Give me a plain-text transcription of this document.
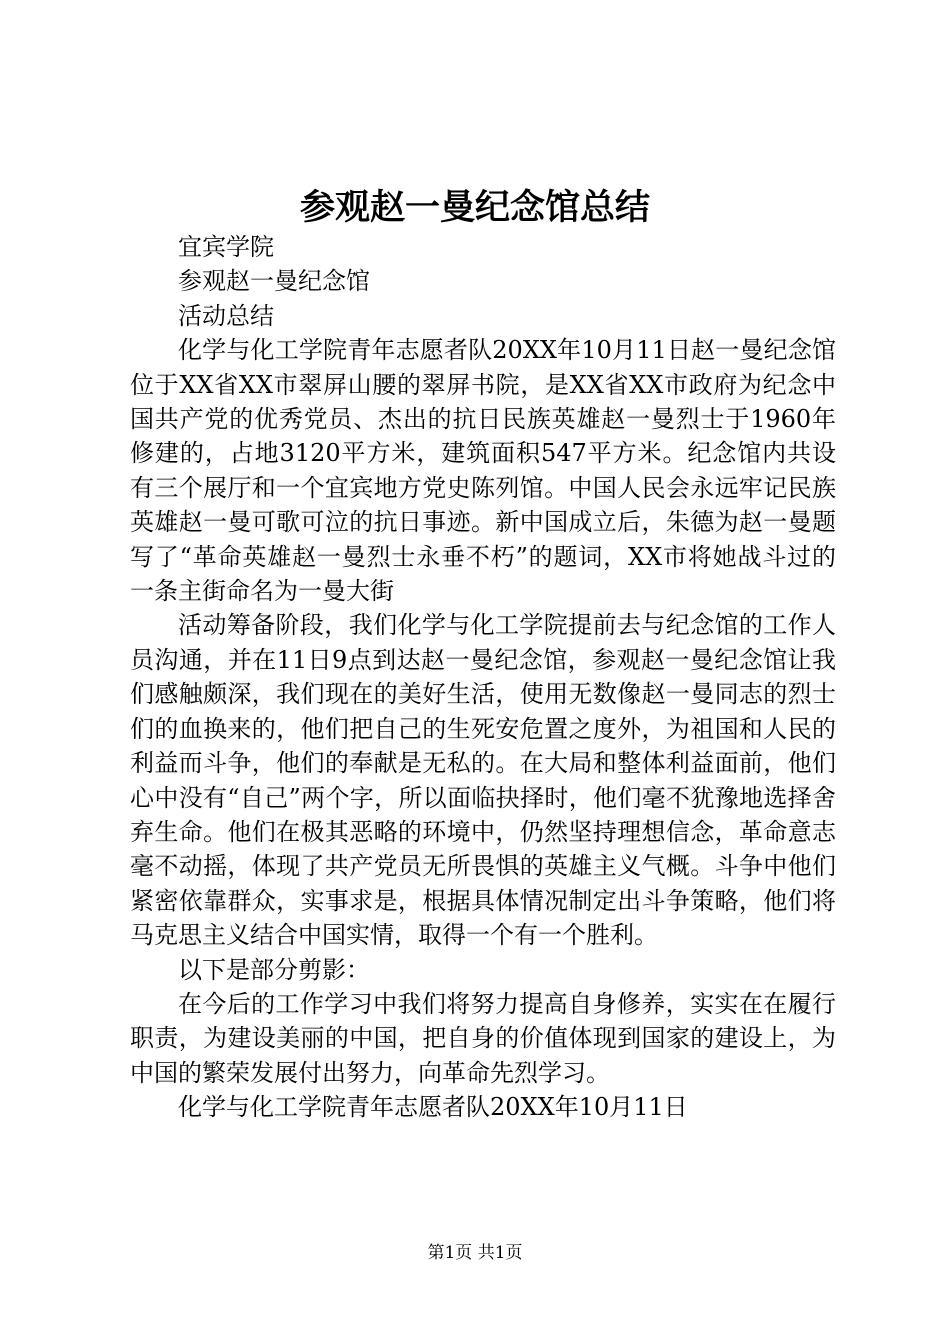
参观赵一曼纪念馆总结

宜宾学院

参观赵一曼纪念馆

活动总结

化学与化工学院青年志愿者队20XX年10月11日赵一曼纪念馆位于XX省XX市翠屏山腰的翠屏书院，是XX省XX市政府为纪念中国共产党的优秀党员、杰出的抗日民族英雄赵一曼烈士于1960年修建的，占地3120平方米，建筑面积547平方米。纪念馆内共设有三个展厅和一个宜宾地方党史陈列馆。中国人民会永远牢记民族英雄赵一曼可歌可泣的抗日事迹。新中国成立后，朱德为赵一曼题写了“革命英雄赵一曼烈士永垂不朽”的题词，XX市将她战斗过的一条主街命名为一曼大街

活动筹备阶段，我们化学与化工学院提前去与纪念馆的工作人员沟通，并在11日9点到达赵一曼纪念馆，参观赵一曼纪念馆让我们感触颇深，我们现在的美好生活，使用无数像赵一曼同志的烈士们的血换来的，他们把自己的生死安危置之度外，为祖国和人民的利益而斗争，他们的奉献是无私的。在大局和整体利益面前，他们心中没有“自己”两个字，所以面临抉择时，他们毫不犹豫地选择舍弃生命。他们在极其恶略的环境中，仍然坚持理想信念，革命意志毫不动摇，体现了共产党员无所畏惧的英雄主义气概。斗争中他们紧密依靠群众，实事求是，根据具体情况制定出斗争策略，他们将马克思主义结合中国实情，取得一个有一个胜利。

以下是部分剪影：

在今后的工作学习中我们将努力提高自身修养，实实在在履行职责，为建设美丽的中国，把自身的价值体现到国家的建设上，为中国的繁荣发展付出努力，向革命先烈学习。

化学与化工学院青年志愿者队20XX年10月11日

第1页 共1页
